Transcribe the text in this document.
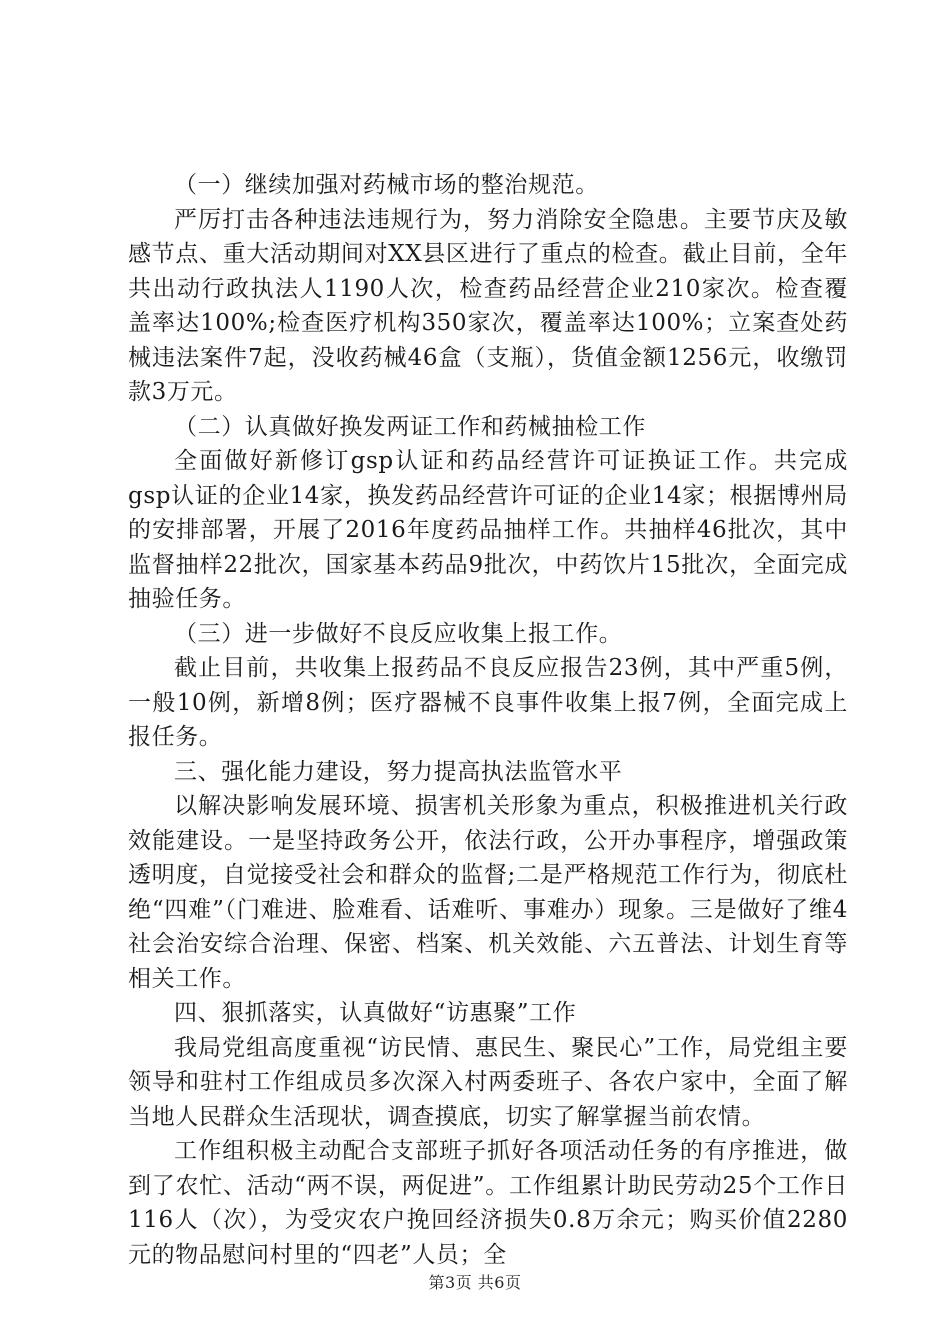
（一）继续加强对药械市场的整治规范。

严厉打击各种违法违规行为，努力消除安全隐患。主要节庆及敏感节点、重大活动期间对XX县区进行了重点的检查。截止目前，全年共出动行政执法人1190人次，检查药品经营企业210家次。检查覆盖率达100%;检查医疗机构350家次，覆盖率达100%；立案查处药械违法案件7起，没收药械46盒（支瓶），货值金额1256元，收缴罚款3万元。

（二）认真做好换发两证工作和药械抽检工作

全面做好新修订gsp认证和药品经营许可证换证工作。共完成gsp认证的企业14家，换发药品经营许可证的企业14家；根据博州局的安排部署，开展了2016年度药品抽样工作。共抽样46批次，其中监督抽样22批次，国家基本药品9批次，中药饮片15批次，全面完成抽验任务。

（三）进一步做好不良反应收集上报工作。

截止目前，共收集上报药品不良反应报告23例，其中严重5例，一般10例，新增8例；医疗器械不良事件收集上报7例，全面完成上报任务。

三、强化能力建设，努力提高执法监管水平

以解决影响发展环境、损害机关形象为重点，积极推进机关行政效能建设。一是坚持政务公开，依法行政，公开办事程序，增强政策透明度，自觉接受社会和群众的监督;二是严格规范工作行为，彻底杜绝“四难”（门难进、脸难看、话难听、事难办）现象。三是做好了维4社会治安综合治理、保密、档案、机关效能、六五普法、计划生育等相关工作。

四、狠抓落实，认真做好“访惠聚”工作

我局党组高度重视“访民情、惠民生、聚民心”工作，局党组主要领导和驻村工作组成员多次深入村两委班子、各农户家中，全面了解当地人民群众生活现状，调查摸底，切实了解掌握当前农情。

工作组积极主动配合支部班子抓好各项活动任务的有序推进，做到了农忙、活动“两不误，两促进”。工作组累计助民劳动25个工作日116人（次），为受灾农户挽回经济损失0.8万余元；购买价值2280元的物品慰问村里的“四老”人员；全

第3页 共6页
